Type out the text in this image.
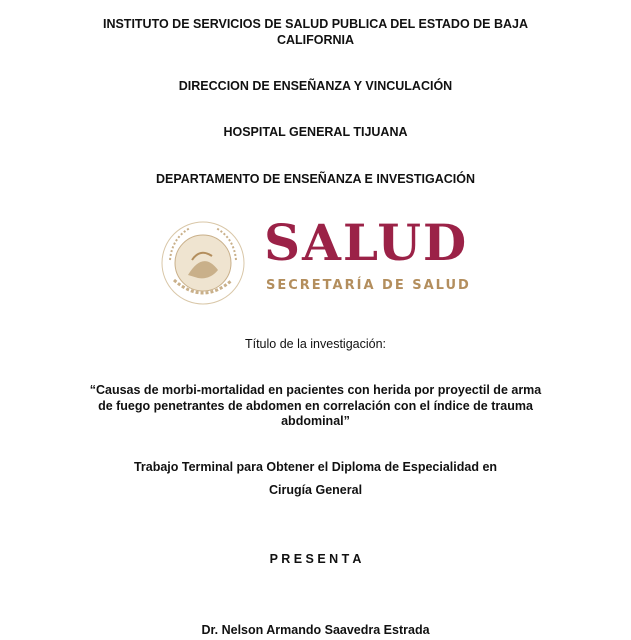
INSTITUTO DE SERVICIOS DE SALUD PUBLICA DEL ESTADO DE BAJA
CALIFORNIA
DIRECCION DE ENSEÑANZA Y VINCULACIÓN
HOSPITAL GENERAL TIJUANA
DEPARTAMENTO DE ENSEÑANZA E INVESTIGACIÓN
SALUD
SECRETARÍA DE SALUD
Título de la investigación:
“Causas de morbi-mortalidad en pacientes con herida por proyectil de arma
de fuego penetrantes de abdomen en correlación con el índice de trauma
abdominal”
Trabajo Terminal para Obtener el Diploma de Especialidad en
Cirugía General
P R E S E N T A
Dr. Nelson Armando Saavedra Estrada
